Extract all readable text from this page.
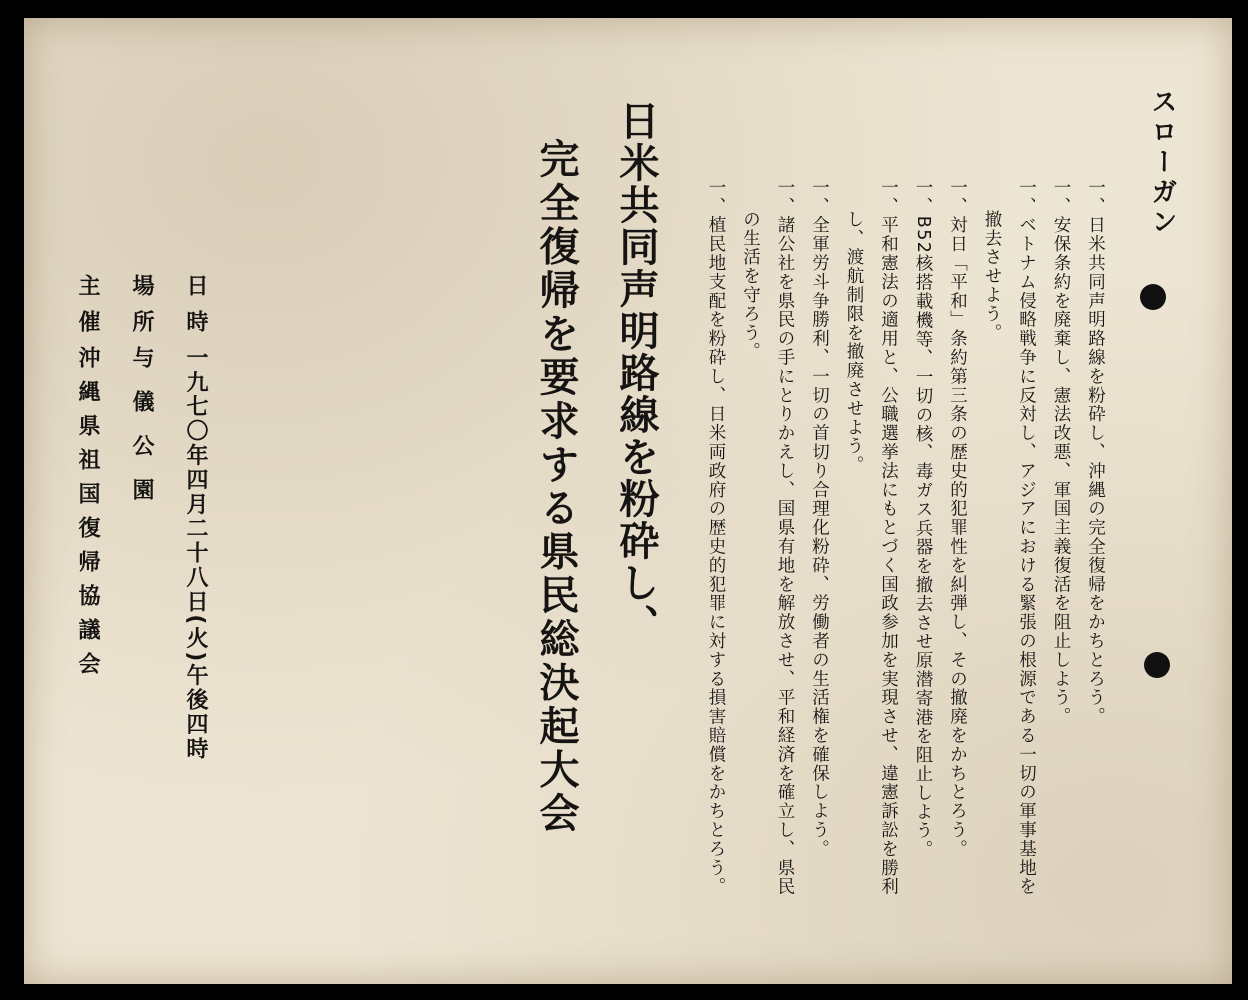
スローガン
一、日米共同声明路線を粉砕し、沖縄の完全復帰をかちとろう。
一、安保条約を廃棄し、憲法改悪、軍国主義復活を阻止しよう。
一、ベトナム侵略戦争に反対し、アジアにおける緊張の根源である一切の軍事基地を
撤去させよう。
一、対日「平和」条約第三条の歴史的犯罪性を糾弾し、その撤廃をかちとろう。
一、B52核搭載機等、一切の核、毒ガス兵器を撤去させ原潜寄港を阻止しよう。
一、平和憲法の適用と、公職選挙法にもとづく国政参加を実現させ、違憲訴訟を勝利
し、渡航制限を撤廃させよう。
一、全軍労斗争勝利、一切の首切り合理化粉砕、労働者の生活権を確保しよう。
一、諸公社を県民の手にとりかえし、国県有地を解放させ、平和経済を確立し、県民
の生活を守ろう。
一、植民地支配を粉砕し、日米両政府の歴史的犯罪に対する損害賠償をかちとろう。
日米共同声明路線を粉砕し、
完全復帰を要求する県民総決起大会
日時一九七〇年四月二十八日(火)午後四時
場所与儀公園
主催沖縄県祖国復帰協議会
